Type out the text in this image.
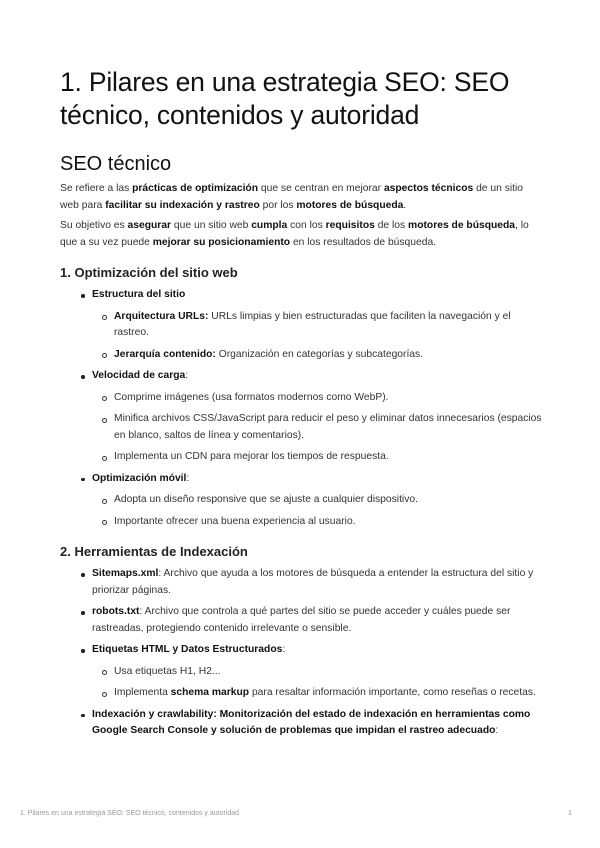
1. Pilares en una estrategia SEO: SEO técnico, contenidos y autoridad
SEO técnico

Se refiere a las prácticas de optimización que se centran en mejorar aspectos técnicos de un sitio web para facilitar su indexación y rastreo por los motores de búsqueda.

Su objetivo es asegurar que un sitio web cumpla con los requisitos de los motores de búsqueda, lo que a su vez puede mejorar su posicionamiento en los resultados de búsqueda.

1. Optimización del sitio web
Estructura del sitio
Arquitectura URLs: URLs limpias y bien estructuradas que faciliten la navegación y el rastreo.
Jerarquía contenido: Organización en categorías y subcategorías.
Velocidad de carga:
Comprime imágenes (usa formatos modernos como WebP).
Minifica archivos CSS/JavaScript para reducir el peso y eliminar datos innecesarios (espacios en blanco, saltos de línea y comentarios).
Implementa un CDN para mejorar los tiempos de respuesta.
Optimización móvil:
Adopta un diseño responsive que se ajuste a cualquier dispositivo.
Importante ofrecer una buena experiencia al usuario.
2. Herramientas de Indexación
Sitemaps.xml: Archivo que ayuda a los motores de búsqueda a entender la estructura del sitio y priorizar páginas.
robots.txt: Archivo que controla a qué partes del sitio se puede acceder y cuáles puede ser rastreadas, protegiendo contenido irrelevante o sensible.
Etiquetas HTML y Datos Estructurados:
Usa etiquetas H1, H2...
Implementa schema markup para resaltar información importante, como reseñas o recetas.
Indexación y crawlability: Monitorización del estado de indexación en herramientas como Google Search Console y solución de problemas que impidan el rastreo adecuado:
1. Pilares en una estrategia SEO: SEO técnico, contenidos y autoridad	1
